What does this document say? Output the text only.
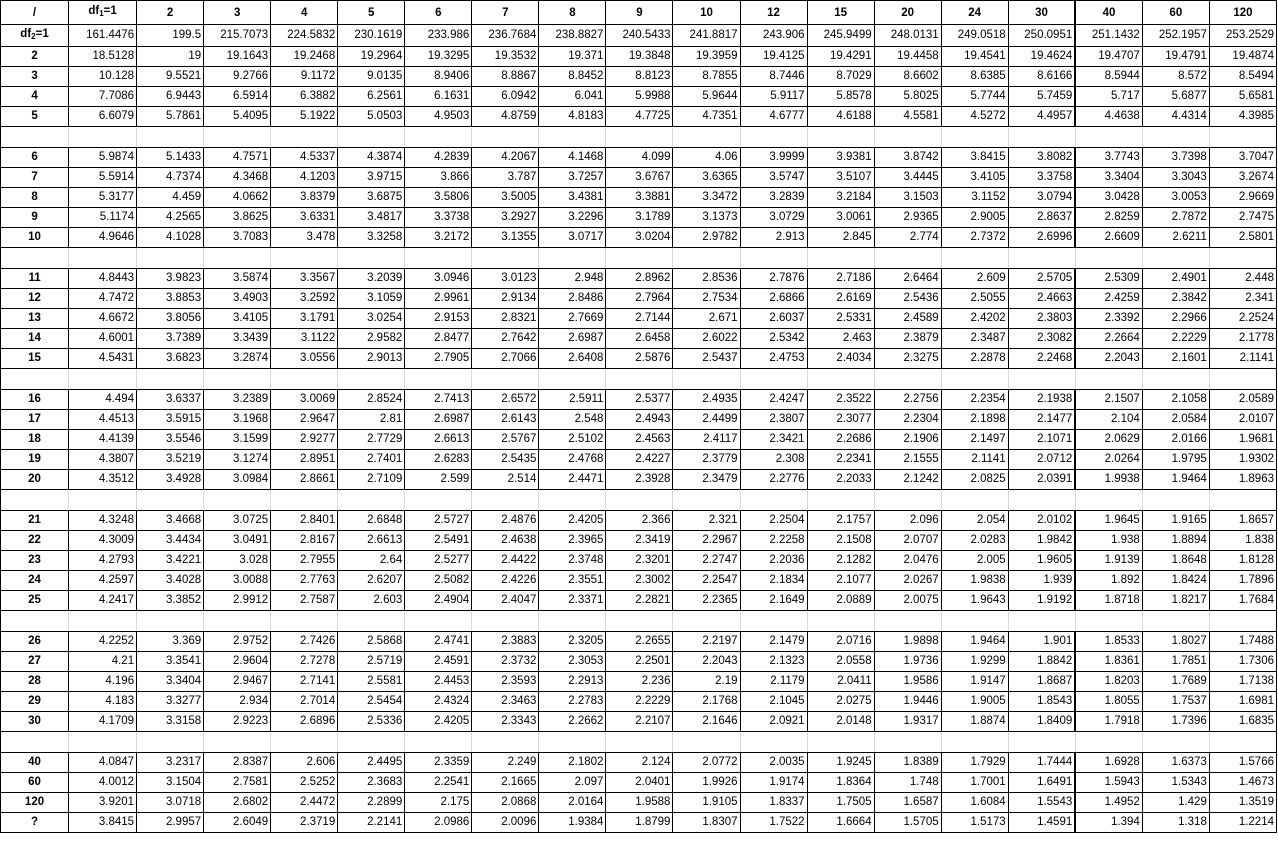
/	$df_1=1$	2	3	4	5	6	7	8	9	10	12	15	20	24	30	40	60	120
$df_2=1$	161.4476	199.5	215.7073	224.5832	230.1619	233.986	236.7684	238.8827	240.5433	241.8817	243.906	245.9499	248.0131	249.0518	250.0951	251.1432	252.1957	253.2529
2	18.5128	19	19.1643	19.2468	19.2964	19.3295	19.3532	19.371	19.3848	19.3959	19.4125	19.4291	19.4458	19.4541	19.4624	19.4707	19.4791	19.4874
3	10.128	9.5521	9.2766	9.1172	9.0135	8.9406	8.8867	8.8452	8.8123	8.7855	8.7446	8.7029	8.6602	8.6385	8.6166	8.5944	8.572	8.5494
4	7.7086	6.9443	6.5914	6.3882	6.2561	6.1631	6.0942	6.041	5.9988	5.9644	5.9117	5.8578	5.8025	5.7744	5.7459	5.717	5.6877	5.6581
5	6.6079	5.7861	5.4095	5.1922	5.0503	4.9503	4.8759	4.8183	4.7725	4.7351	4.6777	4.6188	4.5581	4.5272	4.4957	4.4638	4.4314	4.3985

6	5.9874	5.1433	4.7571	4.5337	4.3874	4.2839	4.2067	4.1468	4.099	4.06	3.9999	3.9381	3.8742	3.8415	3.8082	3.7743	3.7398	3.7047
7	5.5914	4.7374	4.3468	4.1203	3.9715	3.866	3.787	3.7257	3.6767	3.6365	3.5747	3.5107	3.4445	3.4105	3.3758	3.3404	3.3043	3.2674
8	5.3177	4.459	4.0662	3.8379	3.6875	3.5806	3.5005	3.4381	3.3881	3.3472	3.2839	3.2184	3.1503	3.1152	3.0794	3.0428	3.0053	2.9669
9	5.1174	4.2565	3.8625	3.6331	3.4817	3.3738	3.2927	3.2296	3.1789	3.1373	3.0729	3.0061	2.9365	2.9005	2.8637	2.8259	2.7872	2.7475
10	4.9646	4.1028	3.7083	3.478	3.3258	3.2172	3.1355	3.0717	3.0204	2.9782	2.913	2.845	2.774	2.7372	2.6996	2.6609	2.6211	2.5801

11	4.8443	3.9823	3.5874	3.3567	3.2039	3.0946	3.0123	2.948	2.8962	2.8536	2.7876	2.7186	2.6464	2.609	2.5705	2.5309	2.4901	2.448
12	4.7472	3.8853	3.4903	3.2592	3.1059	2.9961	2.9134	2.8486	2.7964	2.7534	2.6866	2.6169	2.5436	2.5055	2.4663	2.4259	2.3842	2.341
13	4.6672	3.8056	3.4105	3.1791	3.0254	2.9153	2.8321	2.7669	2.7144	2.671	2.6037	2.5331	2.4589	2.4202	2.3803	2.3392	2.2966	2.2524
14	4.6001	3.7389	3.3439	3.1122	2.9582	2.8477	2.7642	2.6987	2.6458	2.6022	2.5342	2.463	2.3879	2.3487	2.3082	2.2664	2.2229	2.1778
15	4.5431	3.6823	3.2874	3.0556	2.9013	2.7905	2.7066	2.6408	2.5876	2.5437	2.4753	2.4034	2.3275	2.2878	2.2468	2.2043	2.1601	2.1141

16	4.494	3.6337	3.2389	3.0069	2.8524	2.7413	2.6572	2.5911	2.5377	2.4935	2.4247	2.3522	2.2756	2.2354	2.1938	2.1507	2.1058	2.0589
17	4.4513	3.5915	3.1968	2.9647	2.81	2.6987	2.6143	2.548	2.4943	2.4499	2.3807	2.3077	2.2304	2.1898	2.1477	2.104	2.0584	2.0107
18	4.4139	3.5546	3.1599	2.9277	2.7729	2.6613	2.5767	2.5102	2.4563	2.4117	2.3421	2.2686	2.1906	2.1497	2.1071	2.0629	2.0166	1.9681
19	4.3807	3.5219	3.1274	2.8951	2.7401	2.6283	2.5435	2.4768	2.4227	2.3779	2.308	2.2341	2.1555	2.1141	2.0712	2.0264	1.9795	1.9302
20	4.3512	3.4928	3.0984	2.8661	2.7109	2.599	2.514	2.4471	2.3928	2.3479	2.2776	2.2033	2.1242	2.0825	2.0391	1.9938	1.9464	1.8963

21	4.3248	3.4668	3.0725	2.8401	2.6848	2.5727	2.4876	2.4205	2.366	2.321	2.2504	2.1757	2.096	2.054	2.0102	1.9645	1.9165	1.8657
22	4.3009	3.4434	3.0491	2.8167	2.6613	2.5491	2.4638	2.3965	2.3419	2.2967	2.2258	2.1508	2.0707	2.0283	1.9842	1.938	1.8894	1.838
23	4.2793	3.4221	3.028	2.7955	2.64	2.5277	2.4422	2.3748	2.3201	2.2747	2.2036	2.1282	2.0476	2.005	1.9605	1.9139	1.8648	1.8128
24	4.2597	3.4028	3.0088	2.7763	2.6207	2.5082	2.4226	2.3551	2.3002	2.2547	2.1834	2.1077	2.0267	1.9838	1.939	1.892	1.8424	1.7896
25	4.2417	3.3852	2.9912	2.7587	2.603	2.4904	2.4047	2.3371	2.2821	2.2365	2.1649	2.0889	2.0075	1.9643	1.9192	1.8718	1.8217	1.7684

26	4.2252	3.369	2.9752	2.7426	2.5868	2.4741	2.3883	2.3205	2.2655	2.2197	2.1479	2.0716	1.9898	1.9464	1.901	1.8533	1.8027	1.7488
27	4.21	3.3541	2.9604	2.7278	2.5719	2.4591	2.3732	2.3053	2.2501	2.2043	2.1323	2.0558	1.9736	1.9299	1.8842	1.8361	1.7851	1.7306
28	4.196	3.3404	2.9467	2.7141	2.5581	2.4453	2.3593	2.2913	2.236	2.19	2.1179	2.0411	1.9586	1.9147	1.8687	1.8203	1.7689	1.7138
29	4.183	3.3277	2.934	2.7014	2.5454	2.4324	2.3463	2.2783	2.2229	2.1768	2.1045	2.0275	1.9446	1.9005	1.8543	1.8055	1.7537	1.6981
30	4.1709	3.3158	2.9223	2.6896	2.5336	2.4205	2.3343	2.2662	2.2107	2.1646	2.0921	2.0148	1.9317	1.8874	1.8409	1.7918	1.7396	1.6835

40	4.0847	3.2317	2.8387	2.606	2.4495	2.3359	2.249	2.1802	2.124	2.0772	2.0035	1.9245	1.8389	1.7929	1.7444	1.6928	1.6373	1.5766
60	4.0012	3.1504	2.7581	2.5252	2.3683	2.2541	2.1665	2.097	2.0401	1.9926	1.9174	1.8364	1.748	1.7001	1.6491	1.5943	1.5343	1.4673
120	3.9201	3.0718	2.6802	2.4472	2.2899	2.175	2.0868	2.0164	1.9588	1.9105	1.8337	1.7505	1.6587	1.6084	1.5543	1.4952	1.429	1.3519
?	3.8415	2.9957	2.6049	2.3719	2.2141	2.0986	2.0096	1.9384	1.8799	1.8307	1.7522	1.6664	1.5705	1.5173	1.4591	1.394	1.318	1.2214
